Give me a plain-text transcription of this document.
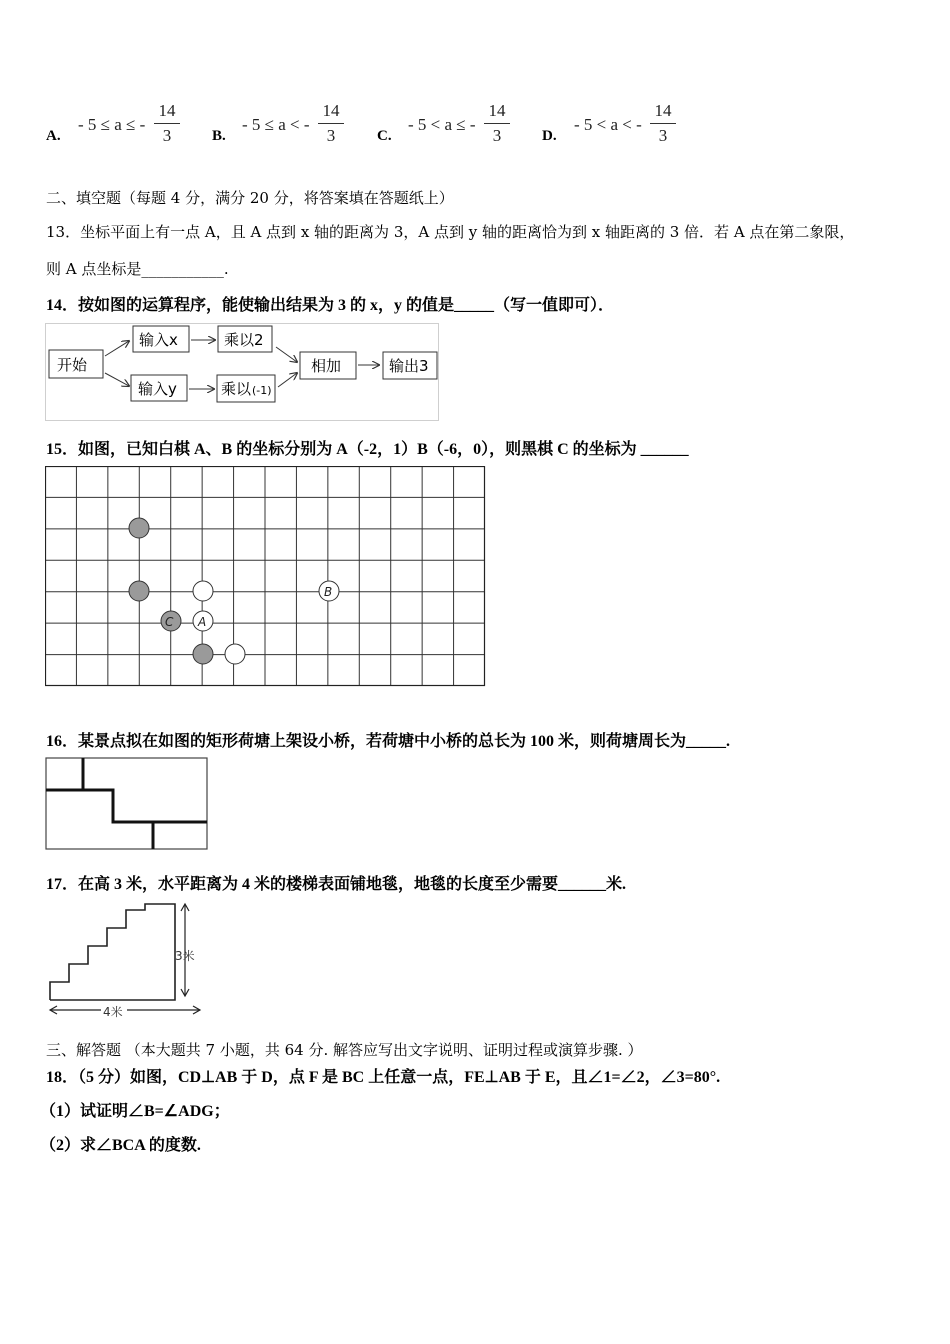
A.
- 5 ≤ a ≤ -
14
3	B.
- 5 ≤ a < -
14
3	C.
- 5 < a ≤ -
14
3	D.
- 5 < a < -
14
3
二、填空题（每题 4 分，满分 20 分，将答案填在答题纸上）
13．坐标平面上有一点 A，且 A 点到 x 轴的距离为 3，A 点到 y 轴的距离恰为到 x 轴距离的 3 倍．若 A 点在第二象限，
则 A 点坐标是___________.
14．按如图的运算程序，能使输出结果为 3 的 x，y 的值是_____（写一值即可）．
开始
输入x
输入y
乘以2
乘以 (-1)
相加	输出3
15．如图，已知白棋 A、B 的坐标分别为 A（-2，1）B（-6，0），则黑棋 C 的坐标为 ______
C A
B
16．某景点拟在如图的矩形荷塘上架设小桥，若荷塘中小桥的总长为 100 米，则荷塘周长为_____.
17．在高 3 米，水平距离为 4 米的楼梯表面铺地毯，地毯的长度至少需要______米.
3米
4米
三、解答题 （本大题共 7 小题，共 64 分. 解答应写出文字说明、证明过程或演算步骤. ）
18．（5 分）如图，CD⊥AB 于 D，点 F 是 BC 上任意一点，FE⊥AB 于 E，且∠1=∠2，∠3=80°.
（1）试证明∠B=∠ADG；
（2）求∠BCA 的度数.
